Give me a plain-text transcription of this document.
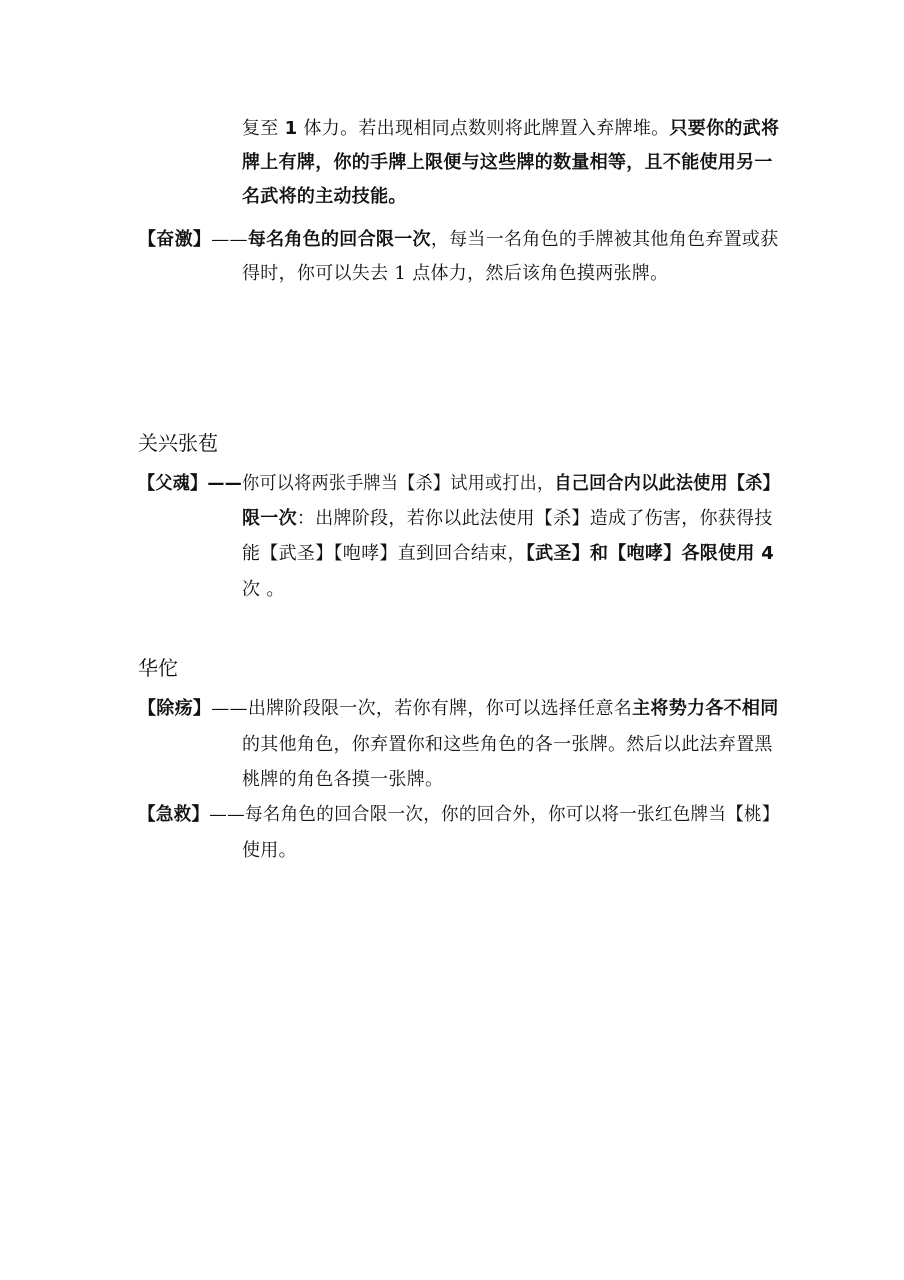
复至 1 体力。若出现相同点数则将此牌置入弃牌堆。只要你的武将
牌上有牌，你的手牌上限便与这些牌的数量相等，且不能使用另一
名武将的主动技能。
【奋激】——每名角色的回合限一次，每当一名角色的手牌被其他角色弃置或获
得时，你可以失去 1 点体力，然后该角色摸两张牌。
关兴张苞
【父魂】——你可以将两张手牌当【杀】试用或打出，自己回合内以此法使用【杀】
限一次：出牌阶段，若你以此法使用【杀】造成了伤害，你获得技
能【武圣】【咆哮】直到回合结束，【武圣】和【咆哮】各限使用 4
次 。
华佗
【除疡】——出牌阶段限一次，若你有牌，你可以选择任意名主将势力各不相同
的其他角色，你弃置你和这些角色的各一张牌。然后以此法弃置黑
桃牌的角色各摸一张牌。
【急救】——每名角色的回合限一次，你的回合外，你可以将一张红色牌当【桃】
使用。
